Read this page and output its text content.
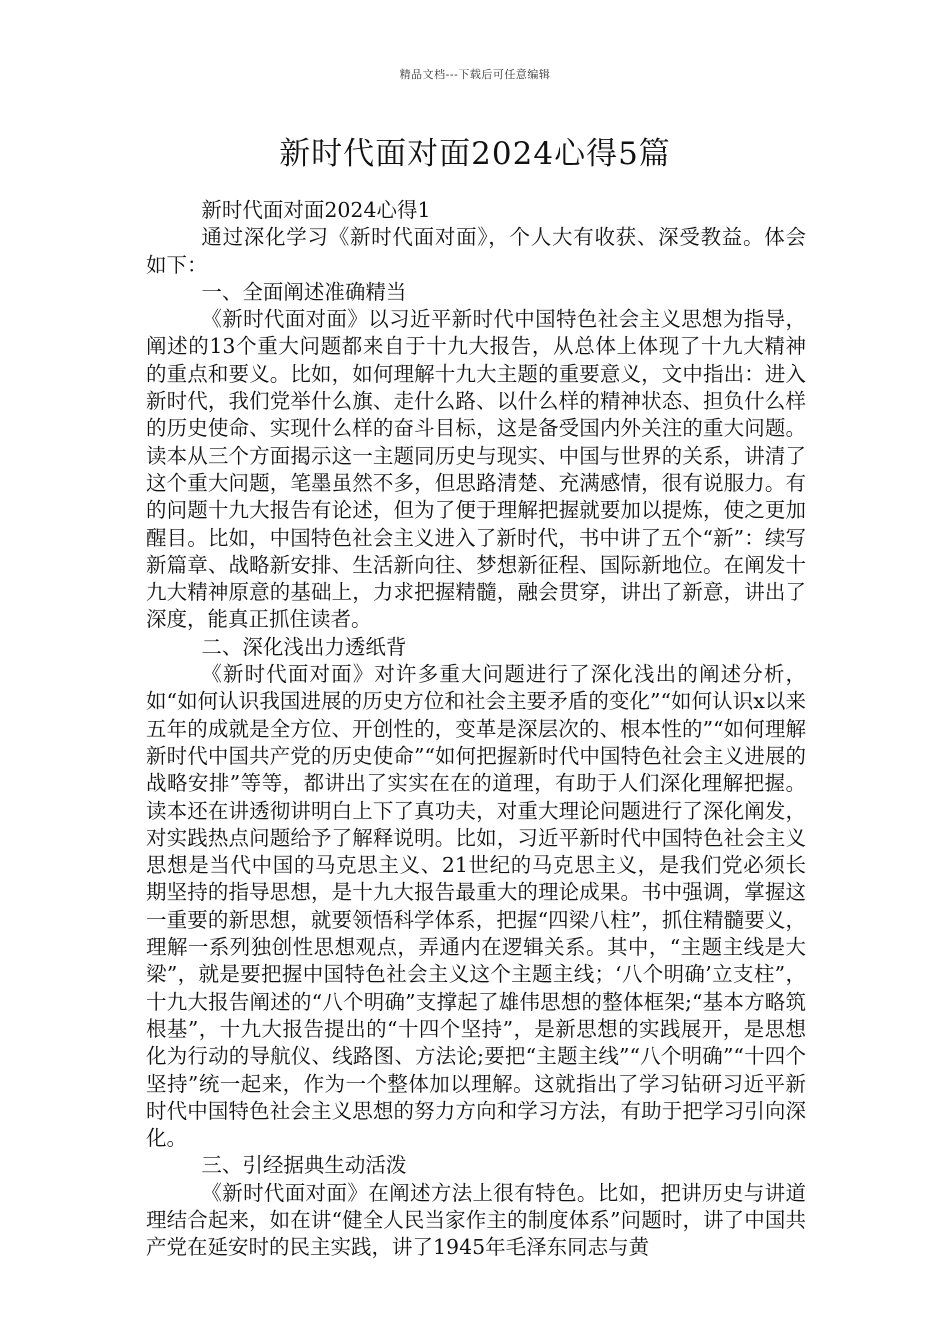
精品文档---下载后可任意编辑
新时代面对面2024心得5篇

新时代面对面2024心得1

通过深化学习《新时代面对面》，个人大有收获、深受教益。体会如下：

一、全面阐述准确精当

《新时代面对面》以习近平新时代中国特色社会主义思想为指导，阐述的13个重大问题都来自于十九大报告，从总体上体现了十九大精神的重点和要义。比如，如何理解十九大主题的重要意义，文中指出：进入新时代，我们党举什么旗、走什么路、以什么样的精神状态、担负什么样的历史使命、实现什么样的奋斗目标，这是备受国内外关注的重大问题。读本从三个方面揭示这一主题同历史与现实、中国与世界的关系，讲清了这个重大问题，笔墨虽然不多，但思路清楚、充满感情，很有说服力。有的问题十九大报告有论述，但为了便于理解把握就要加以提炼，使之更加醒目。比如，中国特色社会主义进入了新时代，书中讲了五个“新”：续写新篇章、战略新安排、生活新向往、梦想新征程、国际新地位。在阐发十九大精神原意的基础上，力求把握精髓，融会贯穿，讲出了新意，讲出了深度，能真正抓住读者。

二、深化浅出力透纸背

《新时代面对面》对许多重大问题进行了深化浅出的阐述分析，如“如何认识我国进展的历史方位和社会主要矛盾的变化”“如何认识x以来五年的成就是全方位、开创性的，变革是深层次的、根本性的”“如何理解新时代中国共产党的历史使命”“如何把握新时代中国特色社会主义进展的战略安排”等等，都讲出了实实在在的道理，有助于人们深化理解把握。读本还在讲透彻讲明白上下了真功夫，对重大理论问题进行了深化阐发，对实践热点问题给予了解释说明。比如，习近平新时代中国特色社会主义思想是当代中国的马克思主义、21世纪的马克思主义，是我们党必须长期坚持的指导思想，是十九大报告最重大的理论成果。书中强调，掌握这一重要的新思想，就要领悟科学体系，把握“四梁八柱”，抓住精髓要义，理解一系列独创性思想观点，弄通内在逻辑关系。其中，“主题主线是大梁”，就是要把握中国特色社会主义这个主题主线；‘八个明确’立支柱”，十九大报告阐述的“八个明确”支撑起了雄伟思想的整体框架;“基本方略筑根基”，十九大报告提出的“十四个坚持”，是新思想的实践展开，是思想化为行动的导航仪、线路图、方法论;要把“主题主线”“八个明确”“十四个坚持”统一起来，作为一个整体加以理解。这就指出了学习钻研习近平新时代中国特色社会主义思想的努力方向和学习方法，有助于把学习引向深化。

三、引经据典生动活泼

《新时代面对面》在阐述方法上很有特色。比如，把讲历史与讲道理结合起来，如在讲“健全人民当家作主的制度体系”问题时，讲了中国共产党在延安时的民主实践，讲了1945年毛泽东同志与黄
